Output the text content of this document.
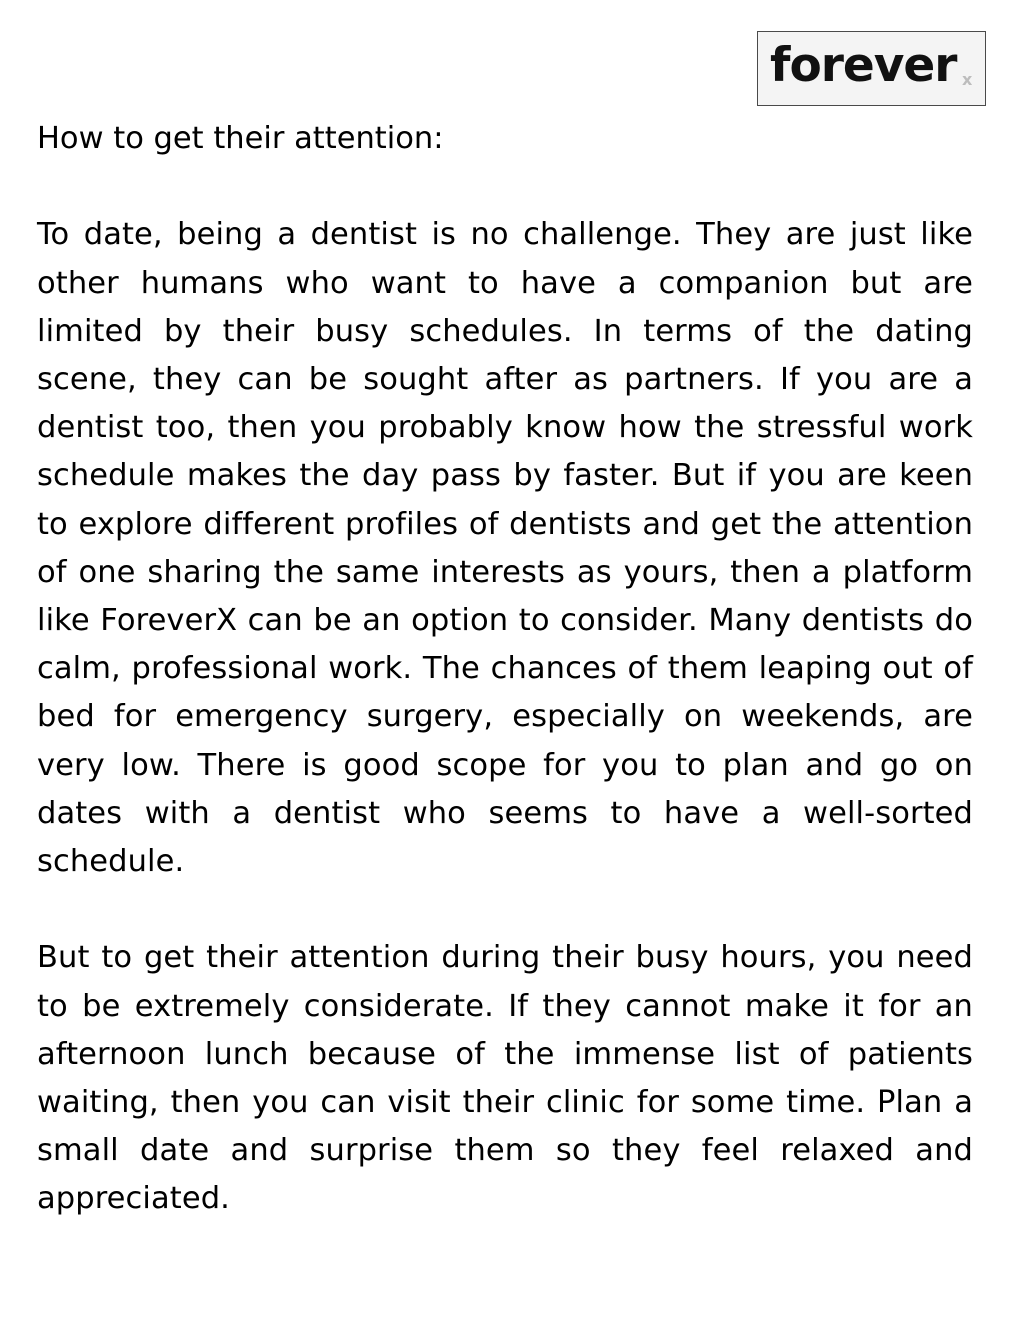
forever x
How to get their attention:

To date, being a dentist is no challenge. They are just like other humans who want to have a companion but are limited by their busy schedules. In terms of the dating scene, they can be sought after as partners. If you are a dentist too, then you probably know how the stressful work schedule makes the day pass by faster. But if you are keen to explore different profiles of dentists and get the attention of one sharing the same interests as yours, then a platform like ForeverX can be an option to consider. Many dentists do calm, professional work. The chances of them leaping out of bed for emergency surgery, especially on weekends, are very low. There is good scope for you to plan and go on dates with a dentist who seems to have a well-sorted schedule.

But to get their attention during their busy hours, you need to be extremely considerate. If they cannot make it for an afternoon lunch because of the immense list of patients waiting, then you can visit their clinic for some time. Plan a small date and surprise them so they feel relaxed and appreciated.
